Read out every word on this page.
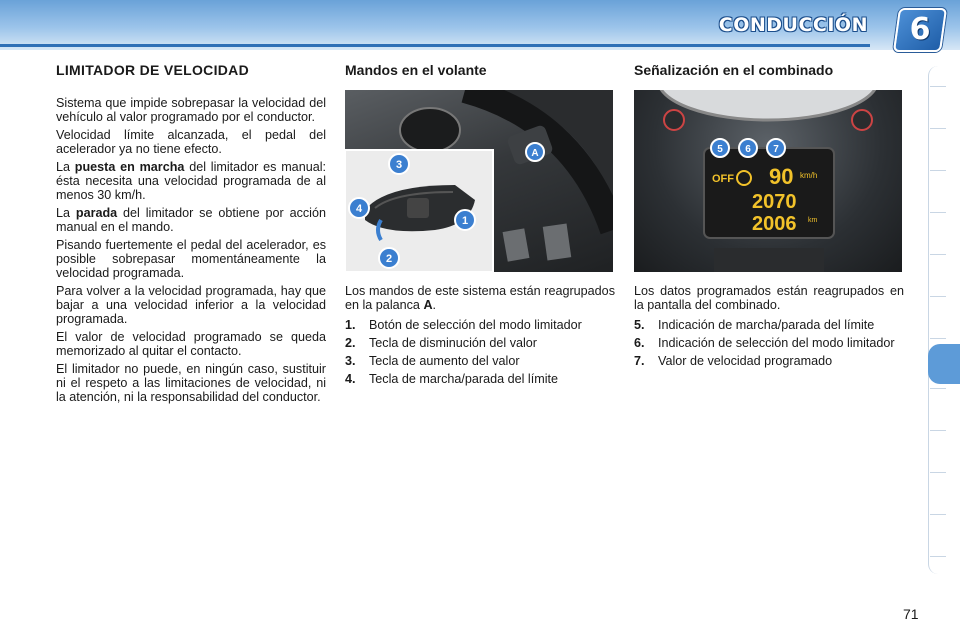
CONDUCCIÓN	6
LIMITADOR DE VELOCIDAD

Sistema que impide sobrepasar la velocidad del vehículo al valor programado por el conductor.

Velocidad límite alcanzada, el pedal del acelerador ya no tiene efecto.

La puesta en marcha del limitador es manual: ésta necesita una velocidad programada de al menos 30 km/h.

La parada del limitador se obtiene por acción manual en el mando.

Pisando fuertemente el pedal del acelerador, es posible sobrepasar momentáneamente la velocidad programada.

Para volver a la velocidad programada, hay que bajar a una velocidad inferior a la velocidad programada.

El valor de velocidad programado se queda memorizado al quitar el contacto.

El limitador no puede, en ningún caso, sustituir ni el respeto a las limitaciones de velocidad, ni la atención, ni la responsabilidad del conductor.

Mandos en el volante
3
4
1
2
A

Los mandos de este sistema están reagrupados en la palanca A.

1.	Botón de selección del modo limitador
2.	Tecla de disminución del valor
3.	Tecla de aumento del valor
4.	Tecla de marcha/parada del límite
Señalización en el combinado
OFF 90 km/h
2070
2006 km
5 6 7

Los datos programados están reagrupados en la pantalla del combinado.

5.	Indicación de marcha/parada del límite
6.	Indicación de selección del modo limitador
7.	Valor de velocidad programado
71
